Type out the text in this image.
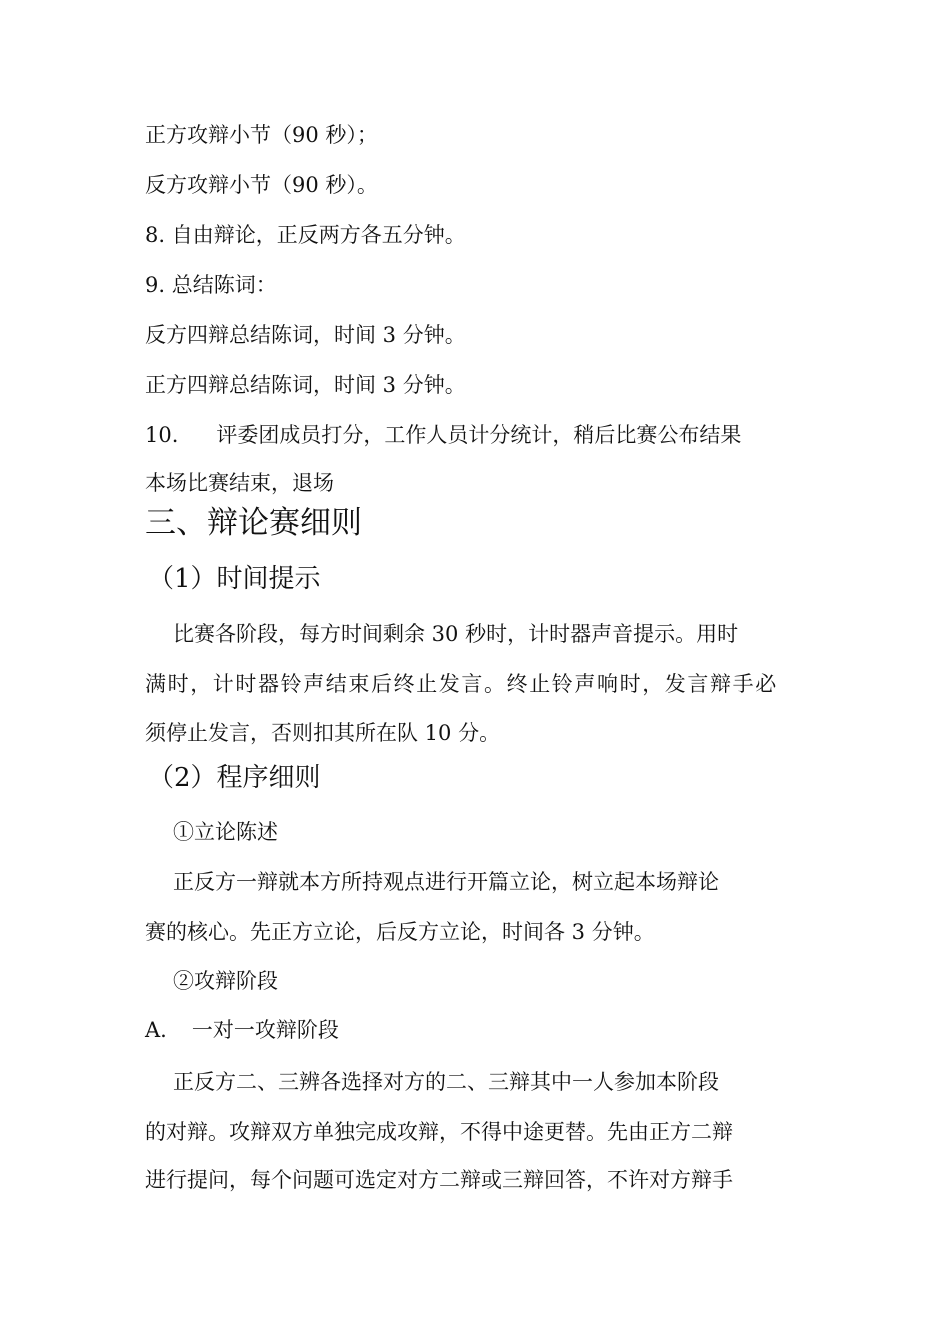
正方攻辩小节（90 秒）；
反方攻辩小节（90 秒）。
8. 自由辩论，正反两方各五分钟。
9. 总结陈词：
反方四辩总结陈词，时间 3 分钟。
正方四辩总结陈词，时间 3 分钟。
10. 评委团成员打分，工作人员计分统计，稍后比赛公布结果
本场比赛结束，退场
三、辩论赛细则
（1）时间提示
比赛各阶段，每方时间剩余 30 秒时，计时器声音提示。用时
满时，计时器铃声结束后终止发言。终止铃声响时，发言辩手必
须停止发言，否则扣其所在队 10 分。
（2）程序细则
①立论陈述
正反方一辩就本方所持观点进行开篇立论，树立起本场辩论
赛的核心。先正方立论，后反方立论，时间各 3 分钟。
②攻辩阶段
A. 一对一攻辩阶段
正反方二、三辨各选择对方的二、三辩其中一人参加本阶段
的对辩。攻辩双方单独完成攻辩，不得中途更替。先由正方二辩
进行提问，每个问题可选定对方二辩或三辩回答，不许对方辩手
